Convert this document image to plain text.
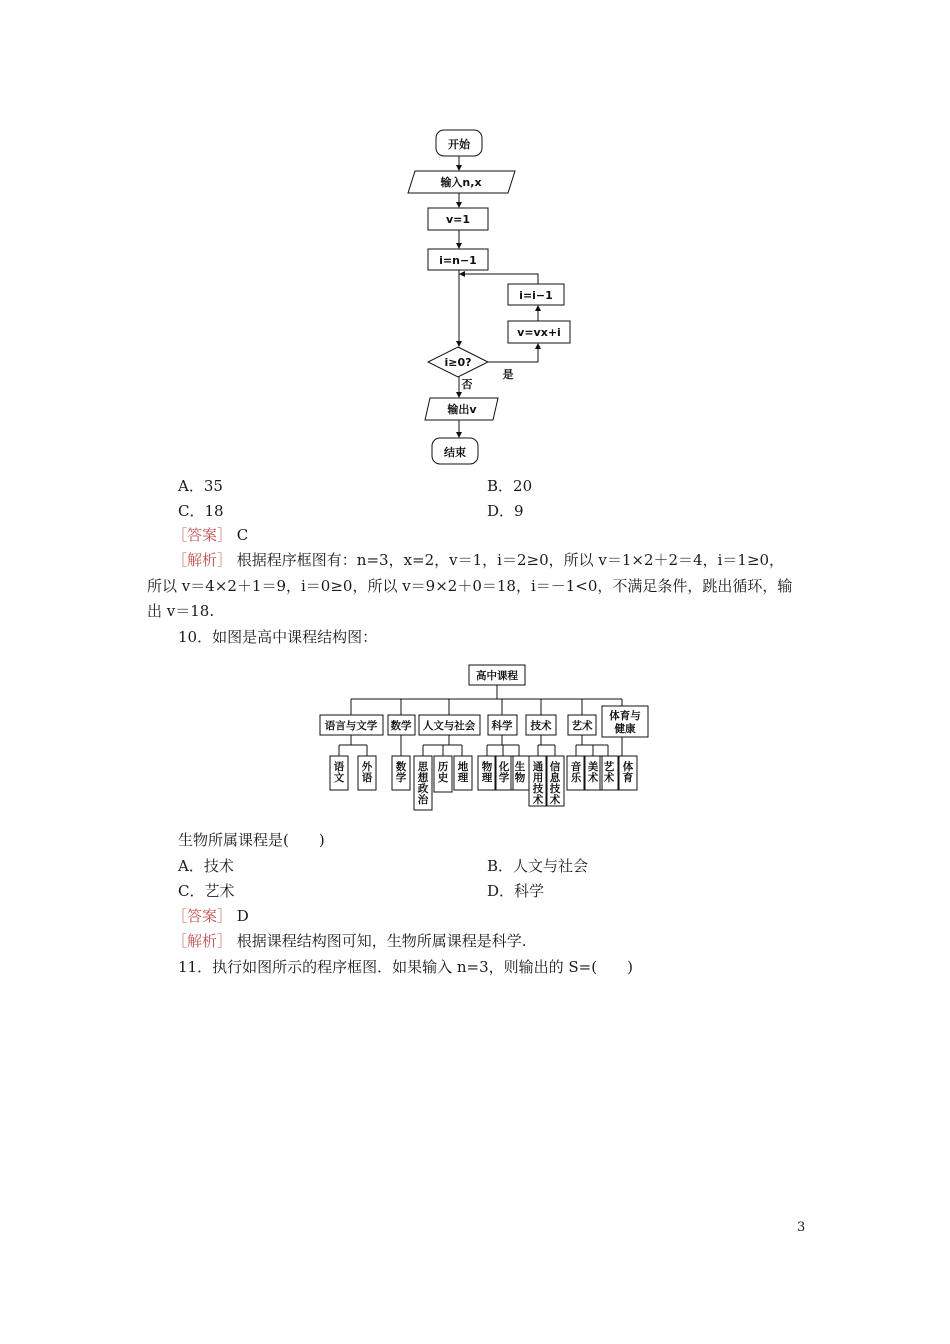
开始
输入n,x
v=1
i=n−1
i=i−1
v=vx+i
i≥0?
是
否
输出v
结束
A．35	B．20
C．18	D．9
［答案］ C
［解析］ 根据程序框图有：n=3，x=2，v＝1，i＝2≥0，所以 v＝1×2＋2＝4，i＝1≥0，
所以 v＝4×2＋1＝9，i＝0≥0，所以 v＝9×2＋0＝18，i＝－1<0，不满足条件，跳出循环，输
出 v＝18.
10．如图是高中课程结构图：
高中课程
语言与文学 数学 人文与社会 科学 技术 艺术
体育与健康
语文
外语
数学
思想政治
历史
地理
物理
化学
生物
通用技术
信息技术
音乐
美术
艺术
体育
生物所属课程是(　　)
A．技术	B．人文与社会
C．艺术	D．科学
［答案］ D
［解析］ 根据课程结构图可知，生物所属课程是科学.
11．执行如图所示的程序框图．如果输入 n=3，则输出的 S=(　　)
3
